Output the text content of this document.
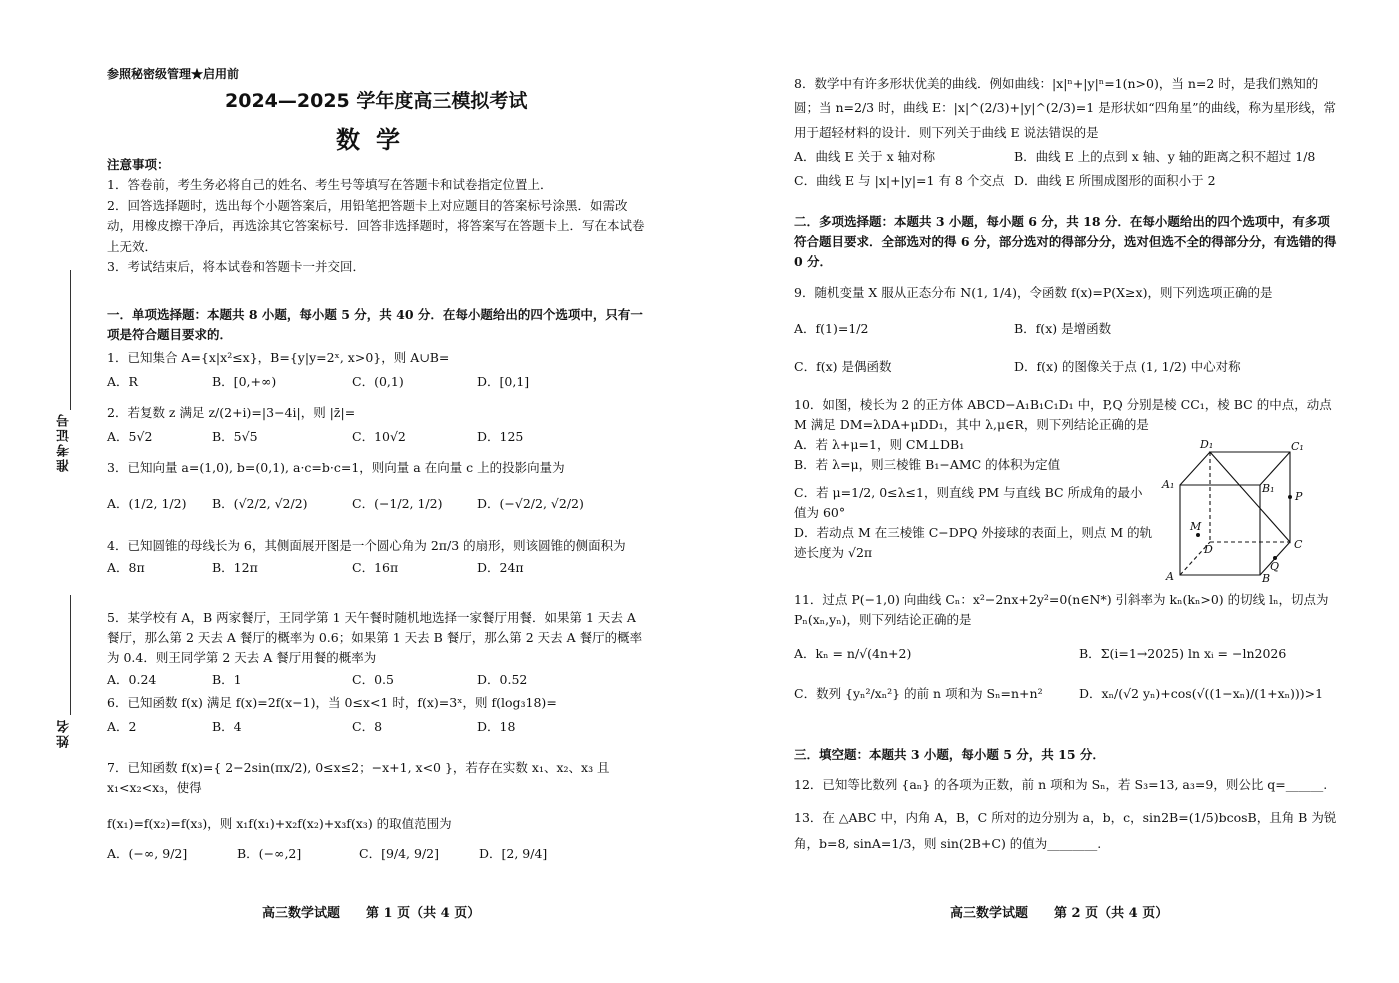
准考证号
姓名
参照秘密级管理★启用前
2024—2025 学年度高三模拟考试
数学
注意事项：
1．答卷前，考生务必将自己的姓名、考生号等填写在答题卡和试卷指定位置上．
2．回答选择题时，选出每个小题答案后，用铅笔把答题卡上对应题目的答案标号涂黑．如需改动，用橡皮擦干净后，再选涂其它答案标号．回答非选择题时，将答案写在答题卡上．写在本试卷上无效．
3．考试结束后，将本试卷和答题卡一并交回．
一．单项选择题：本题共 8 小题，每小题 5 分，共 40 分．在每小题给出的四个选项中，只有一项是符合题目要求的．
1．已知集合 A={x|x²≤x}，B={y|y=2ˣ, x>0}，则 A∪B=
A．R	B．[0,+∞)	C．(0,1)	D．[0,1]
2．若复数 z 满足 z/(2+i)=|3−4i|，则 |z̄|=
A．5√2	B．5√5	C．10√2	D．125
3．已知向量 a=(1,0), b=(0,1), a·c=b·c=1，则向量 a 在向量 c 上的投影向量为
A．(1/2, 1/2)	B．(√2/2, √2/2)	C．(−1/2, 1/2)	D．(−√2/2, √2/2)
4．已知圆锥的母线长为 6，其侧面展开图是一个圆心角为 2π/3 的扇形，则该圆锥的侧面积为
A．8π	B．12π	C．16π	D．24π
5．某学校有 A，B 两家餐厅，王同学第 1 天午餐时随机地选择一家餐厅用餐．如果第 1 天去 A 餐厅，那么第 2 天去 A 餐厅的概率为 0.6；如果第 1 天去 B 餐厅，那么第 2 天去 A 餐厅的概率为 0.4．则王同学第 2 天去 A 餐厅用餐的概率为
A．0.24	B．1	C．0.5	D．0.52
6．已知函数 f(x) 满足 f(x)=2f(x−1)，当 0≤x<1 时，f(x)=3ˣ，则 f(log₃18)=
A．2	B．4	C．8	D．18
7．已知函数 f(x)={ 2−2sin(πx/2), 0≤x≤2；−x+1, x<0 }，若存在实数 x₁、x₂、x₃ 且 x₁<x₂<x₃，使得
f(x₁)=f(x₂)=f(x₃)，则 x₁f(x₁)+x₂f(x₂)+x₃f(x₃) 的取值范围为
A．(−∞, 9/2]	B．(−∞,2]	C．[9/4, 9/2]	D．[2, 9/4]
高三数学试题　　第 1 页（共 4 页）
8．数学中有许多形状优美的曲线．例如曲线：|x|ⁿ+|y|ⁿ=1(n>0)，当 n=2 时，是我们熟知的圆；当 n=2/3 时，曲线 E：|x|^(2/3)+|y|^(2/3)=1 是形状如“四角星”的曲线，称为星形线，常用于超轻材料的设计．则下列关于曲线 E 说法错误的是
A．曲线 E 关于 x 轴对称	B．曲线 E 上的点到 x 轴、y 轴的距离之积不超过 1/8
C．曲线 E 与 |x|+|y|=1 有 8 个交点 D．曲线 E 所围成图形的面积小于 2
二．多项选择题：本题共 3 小题，每小题 6 分，共 18 分．在每小题给出的四个选项中，有多项符合题目要求．全部选对的得 6 分，部分选对的得部分分，选对但选不全的得部分分，有选错的得 0 分．
9．随机变量 X 服从正态分布 N(1, 1/4)，令函数 f(x)=P(X≥x)，则下列选项正确的是
A．f(1)=1/2	B．f(x) 是增函数
C．f(x) 是偶函数	D．f(x) 的图像关于点 (1, 1/2) 中心对称
10．如图，棱长为 2 的正方体 ABCD−A₁B₁C₁D₁ 中，P,Q 分别是棱 CC₁，棱 BC 的中点，动点 M 满足 DM=λDA+μDD₁，其中 λ,μ∈R，则下列结论正确的是
A．若 λ+μ=1，则 CM⊥DB₁
B．若 λ=μ，则三棱锥 B₁−AMC 的体积为定值
C．若 μ=1/2, 0≤λ≤1，则直线 PM 与直线 BC 所成角的最小值为 60°
D．若动点 M 在三棱锥 C−DPQ 外接球的表面上，则点 M 的轨迹长度为 √2π
A	B
C
D
A₁	B₁
C₁
D₁
P
Q
M
11．过点 P(−1,0) 向曲线 Cₙ：x²−2nx+2y²=0(n∈N*) 引斜率为 kₙ(kₙ>0) 的切线 lₙ，切点为 Pₙ(xₙ,yₙ)，则下列结论正确的是
A．kₙ = n/√(4n+2)	B．Σ(i=1→2025) ln xᵢ = −ln2026
C．数列 {yₙ²/xₙ²} 的前 n 项和为 Sₙ=n+n²	D．xₙ/(√2 yₙ)+cos(√((1−xₙ)/(1+xₙ)))>1
三．填空题：本题共 3 小题，每小题 5 分，共 15 分．
12．已知等比数列 {aₙ} 的各项为正数，前 n 项和为 Sₙ，若 S₃=13, a₃=9，则公比 q=______.
13．在 △ABC 中，内角 A，B，C 所对的边分别为 a，b，c，sin2B=(1/5)bcosB，且角 B 为锐角，b=8, sinA=1/3，则 sin(2B+C) 的值为________.
高三数学试题　　第 2 页（共 4 页）
